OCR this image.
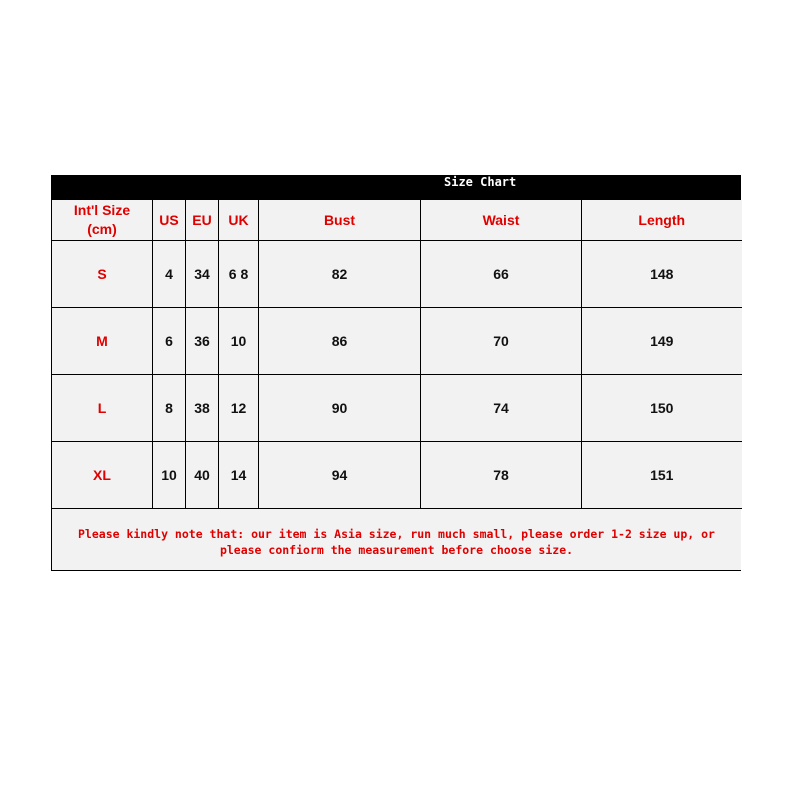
Size Chart
Int'l Size
(cm)	US	EU	UK	Bust	Waist	Length
S	4	34	6 8	82	66	148
M	6	36	10	86	70	149
L	8	38	12	90	74	150
XL	10	40	14	94	78	151
Please kindly note that: our item is Asia size, run much small, please order 1-2 size up, or please confiorm the measurement before choose size.
